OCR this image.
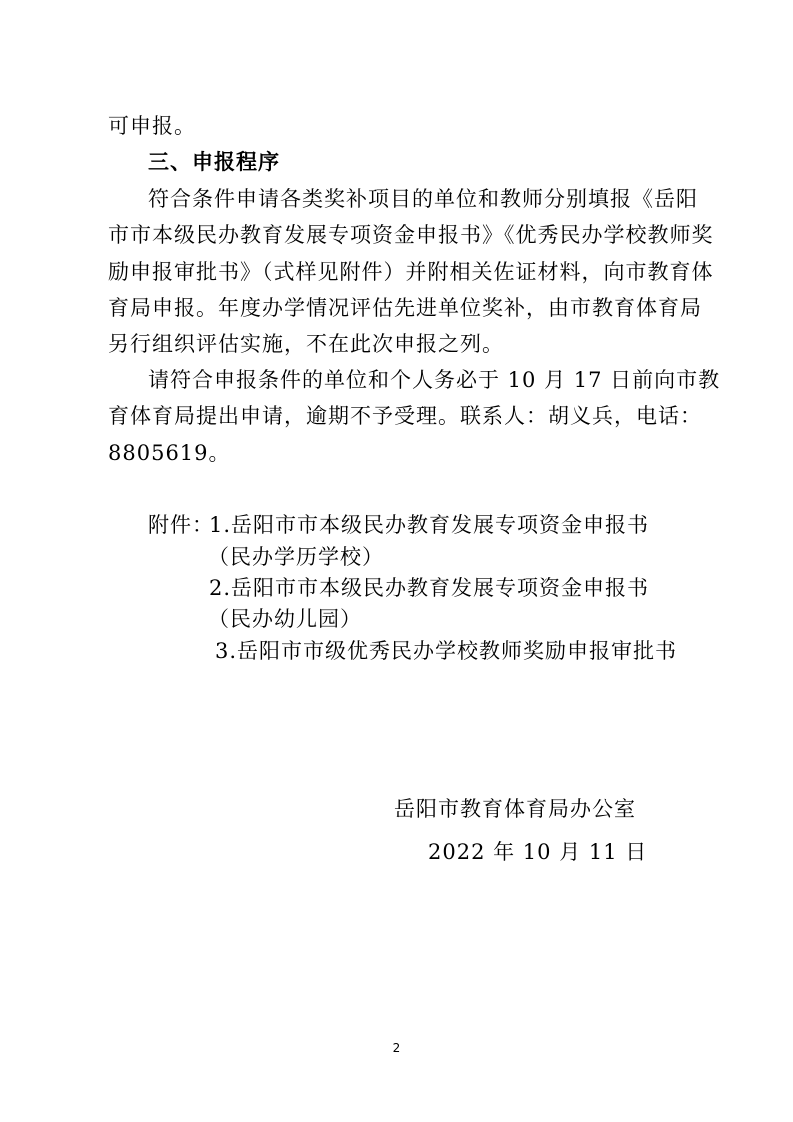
可申报。
三、申报程序
符合条件申请各类奖补项目的单位和教师分别填报《岳阳
市市本级民办教育发展专项资金申报书》《优秀民办学校教师奖
励申报审批书》（式样见附件）并附相关佐证材料，向市教育体
育局申报。年度办学情况评估先进单位奖补，由市教育体育局
另行组织评估实施，不在此次申报之列。
请符合申报条件的单位和个人务必于 10 月 17 日前向市教
育体育局提出申请，逾期不予受理。联系人：胡义兵，电话：
8805619。
附件：
1.岳阳市市本级民办教育发展专项资金申报书
（民办学历学校）
2.岳阳市市本级民办教育发展专项资金申报书
（民办幼儿园）
3.岳阳市市级优秀民办学校教师奖励申报审批书
岳阳市教育体育局办公室
2022 年 10 月 11 日
2
